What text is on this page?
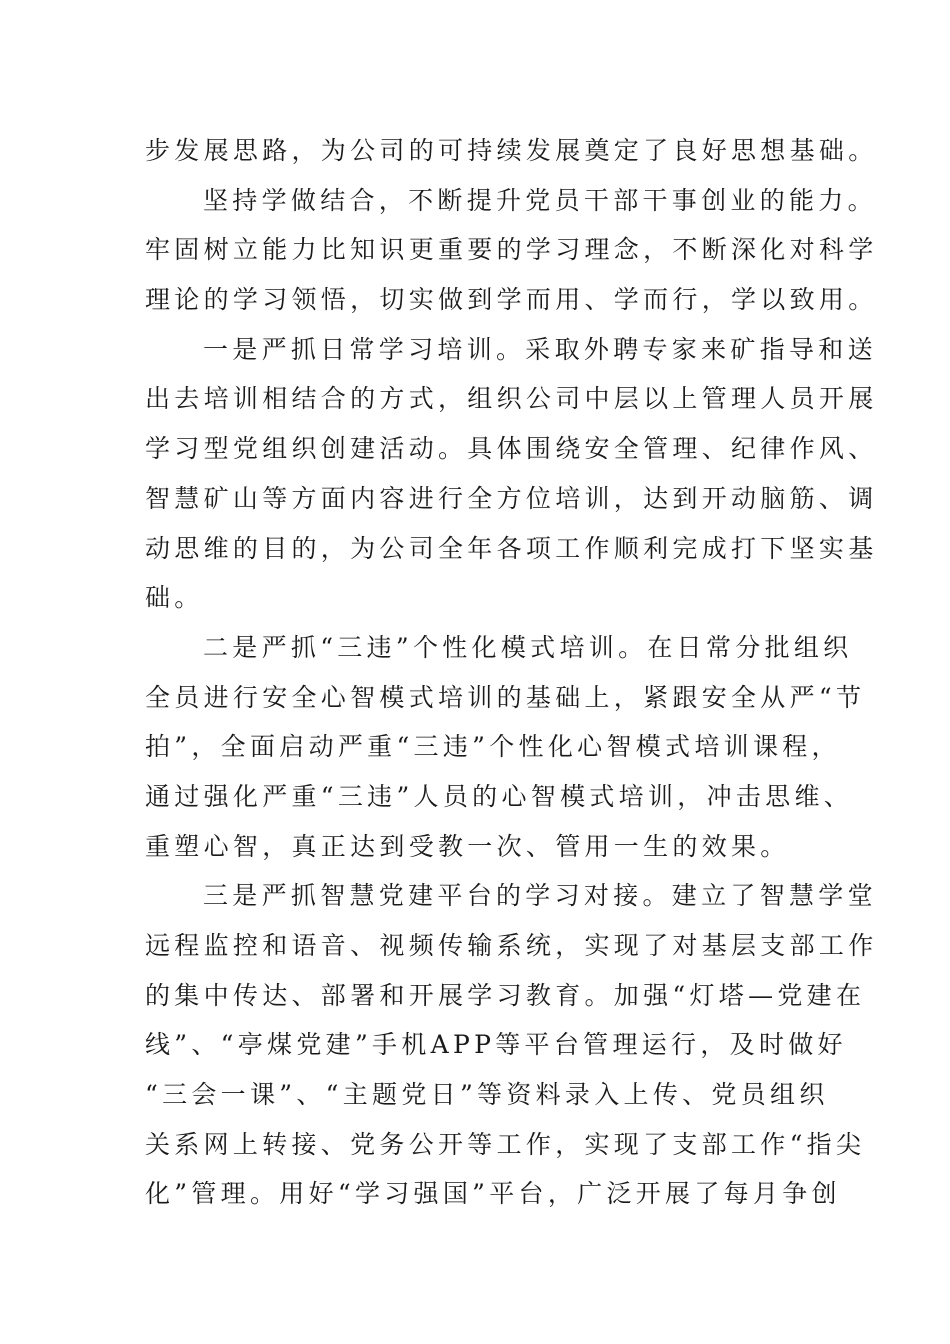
步发展思路，为公司的可持续发展奠定了良好思想基础。
坚持学做结合，不断提升党员干部干事创业的能力。
牢固树立能力比知识更重要的学习理念，不断深化对科学
理论的学习领悟，切实做到学而用、学而行，学以致用。
一是严抓日常学习培训。采取外聘专家来矿指导和送
出去培训相结合的方式，组织公司中层以上管理人员开展
学习型党组织创建活动。具体围绕安全管理、纪律作风、
智慧矿山等方面内容进行全方位培训，达到开动脑筋、调
动思维的目的，为公司全年各项工作顺利完成打下坚实基
础。
二是严抓“三违”个性化模式培训。在日常分批组织
全员进行安全心智模式培训的基础上，紧跟安全从严“节
拍”，全面启动严重“三违”个性化心智模式培训课程，
通过强化严重“三违”人员的心智模式培训，冲击思维、
重塑心智，真正达到受教一次、管用一生的效果。
三是严抓智慧党建平台的学习对接。建立了智慧学堂
远程监控和语音、视频传输系统，实现了对基层支部工作
的集中传达、部署和开展学习教育。加强“灯塔—党建在
线”、“亭煤党建”手机APP等平台管理运行，及时做好
“三会一课”、“主题党日”等资料录入上传、党员组织
关系网上转接、党务公开等工作，实现了支部工作“指尖
化”管理。用好“学习强国”平台，广泛开展了每月争创
